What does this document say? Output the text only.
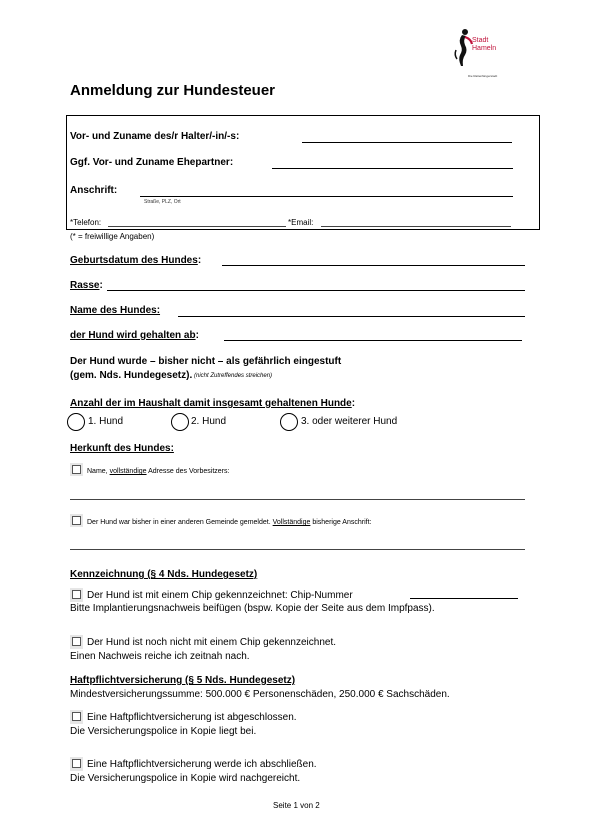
Stadt
Hameln
Die Rattenfängerstadt
Anmeldung zur Hundesteuer
Vor- und Zuname des/r Halter/-in/-s:
Ggf. Vor- und Zuname Ehepartner:
Anschrift:
Straße, PLZ, Ort
*Telefon:	*Email:
(* = freiwillige Angaben)
Geburtsdatum des Hundes:
Rasse:
Name des Hundes:
der Hund wird gehalten ab:
Der Hund wurde – bisher nicht – als gefährlich eingestuft
(gem. Nds. Hundegesetz). (nicht Zutreffendes streichen)
Anzahl der im Haushalt damit insgesamt gehaltenen Hunde:
1. Hund	2. Hund	3. oder weiterer Hund
Herkunft des Hundes:
Name, vollständige Adresse des Vorbesitzers:
Der Hund war bisher in einer anderen Gemeinde gemeldet. Vollständige bisherige Anschrift:
Kennzeichnung (§ 4 Nds. Hundegesetz)
Der Hund ist mit einem Chip gekennzeichnet: Chip-Nummer
Bitte Implantierungsnachweis beifügen (bspw. Kopie der Seite aus dem Impfpass).
Der Hund ist noch nicht mit einem Chip gekennzeichnet.
Einen Nachweis reiche ich zeitnah nach.
Haftpflichtversicherung (§ 5 Nds. Hundegesetz)
Mindestversicherungssumme: 500.000 € Personenschäden, 250.000 € Sachschäden.
Eine Haftpflichtversicherung ist abgeschlossen.
Die Versicherungspolice in Kopie liegt bei.
Eine Haftpflichtversicherung werde ich abschließen.
Die Versicherungspolice in Kopie wird nachgereicht.
Seite 1 von 2
